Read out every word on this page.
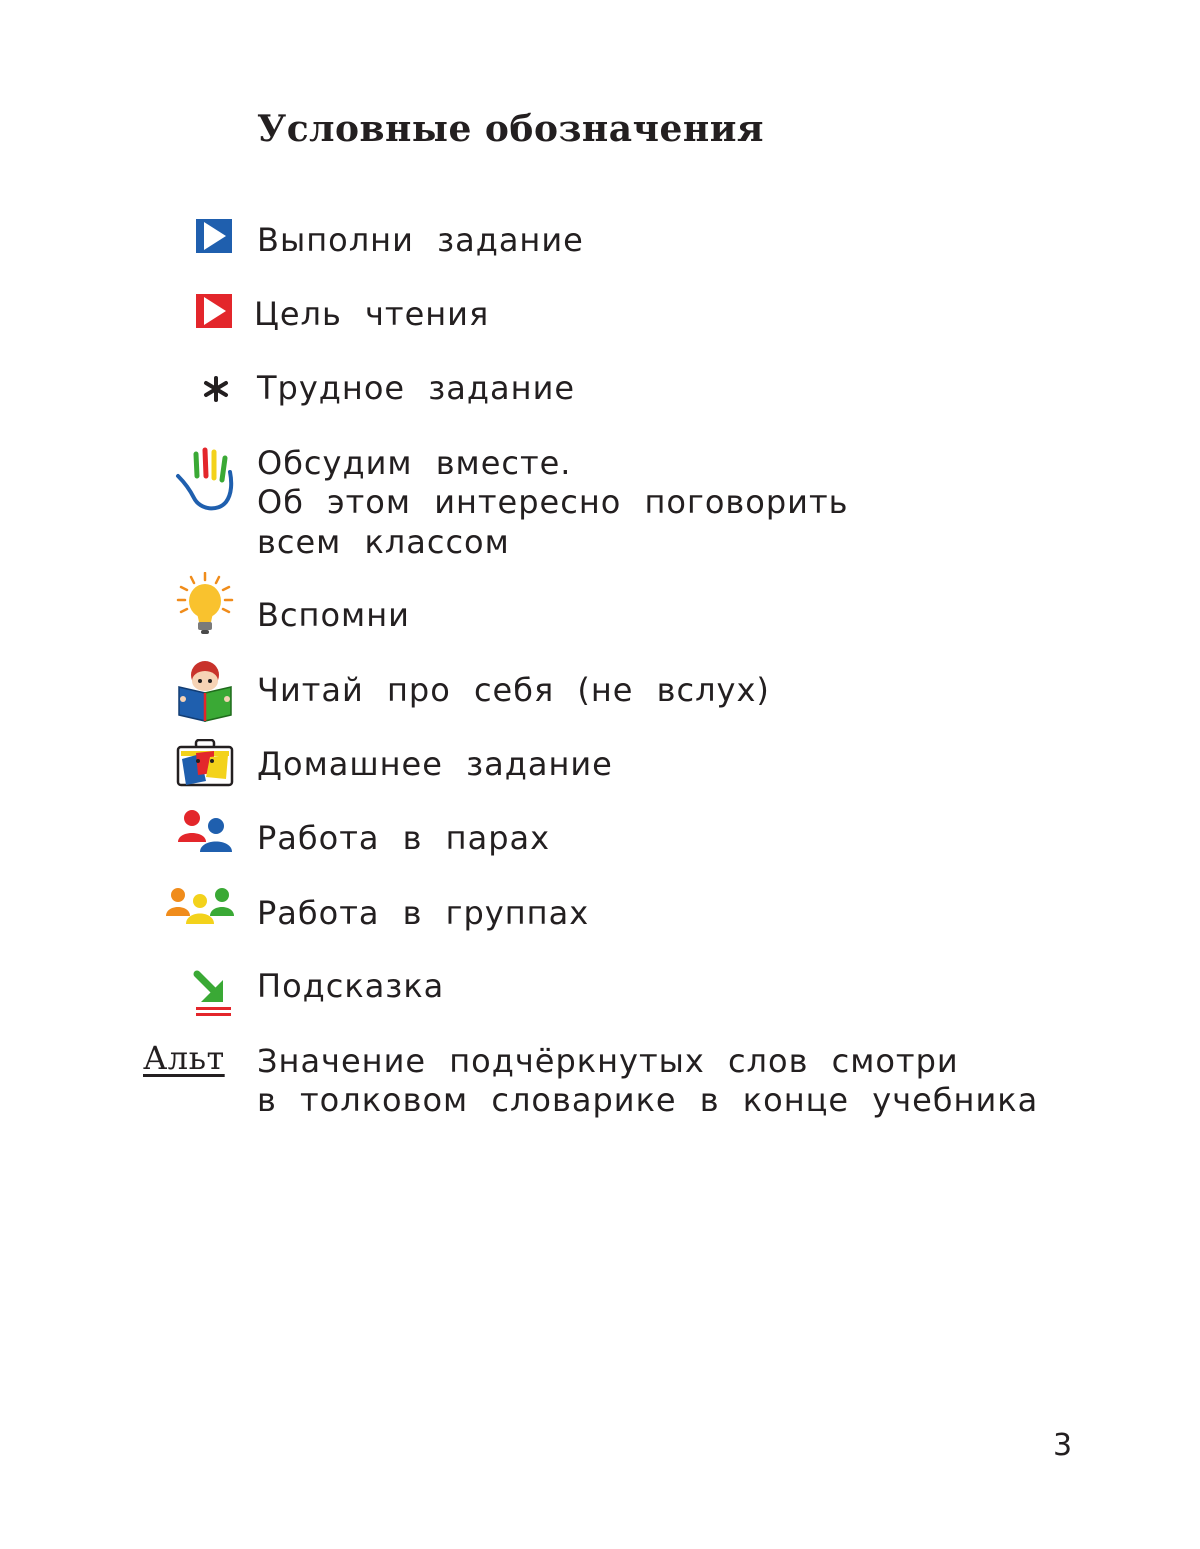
Условные обозначения

Выполни задание

Цель чтения

Трудное задание

Обсудим вместе.

Об этом интересно поговорить

всем классом

Вспомни

Читай про себя (не вслух)

Домашнее задание

Работа в парах

Работа в группах

Подсказка

Альт Значение подчёркнутых слов смотри

в толковом словарике в конце учебника

3
